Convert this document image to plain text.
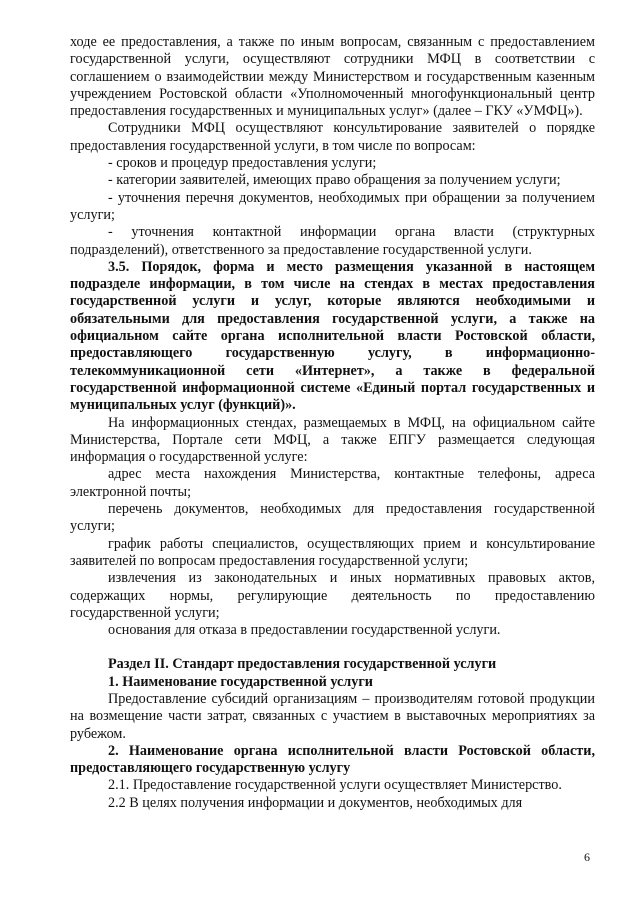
ходе ее предоставления, а также по иным вопросам, связанным с предоставлением государственной услуги, осуществляют сотрудники МФЦ в соответствии с соглашением о взаимодействии между Министерством и государственным казенным учреждением Ростовской области «Уполномоченный многофункциональный центр предоставления государственных и муниципальных услуг» (далее – ГКУ «УМФЦ»).

Сотрудники МФЦ осуществляют консультирование заявителей о порядке предоставления государственной услуги, в том числе по вопросам:

- сроков и процедур предоставления услуги;

- категории заявителей, имеющих право обращения за получением услуги;

- уточнения перечня документов, необходимых при обращении за получением услуги;

- уточнения контактной информации органа власти (структурных подразделений), ответственного за предоставление государственной услуги.

3.5. Порядок, форма и место размещения указанной в настоящем подразделе информации, в том числе на стендах в местах предоставления государственной услуги и услуг, которые являются необходимыми и обязательными для предоставления государственной услуги, а также на официальном сайте органа исполнительной власти Ростовской области, предоставляющего государственную услугу, в информационно-телекоммуникационной сети «Интернет», а также в федеральной государственной информационной системе «Единый портал государственных и муниципальных услуг (функций)».

На информационных стендах, размещаемых в МФЦ, на официальном сайте Министерства, Портале сети МФЦ, а также ЕПГУ размещается следующая информация о государственной услуге:

адрес места нахождения Министерства, контактные телефоны, адреса электронной почты;

перечень документов, необходимых для предоставления государственной услуги;

график работы специалистов, осуществляющих прием и консультирование заявителей по вопросам предоставления государственной услуги;

извлечения из законодательных и иных нормативных правовых актов, содержащих нормы, регулирующие деятельность по предоставлению государственной услуги;

основания для отказа в предоставлении государственной услуги.

Раздел II. Стандарт предоставления государственной услуги

1. Наименование государственной услуги

Предоставление субсидий организациям – производителям готовой продукции на возмещение части затрат, связанных с участием в выставочных мероприятиях за рубежом.

2. Наименование органа исполнительной власти Ростовской области, предоставляющего государственную услугу

2.1. Предоставление государственной услуги осуществляет Министерство.

2.2 В целях получения информации и документов, необходимых для

6
